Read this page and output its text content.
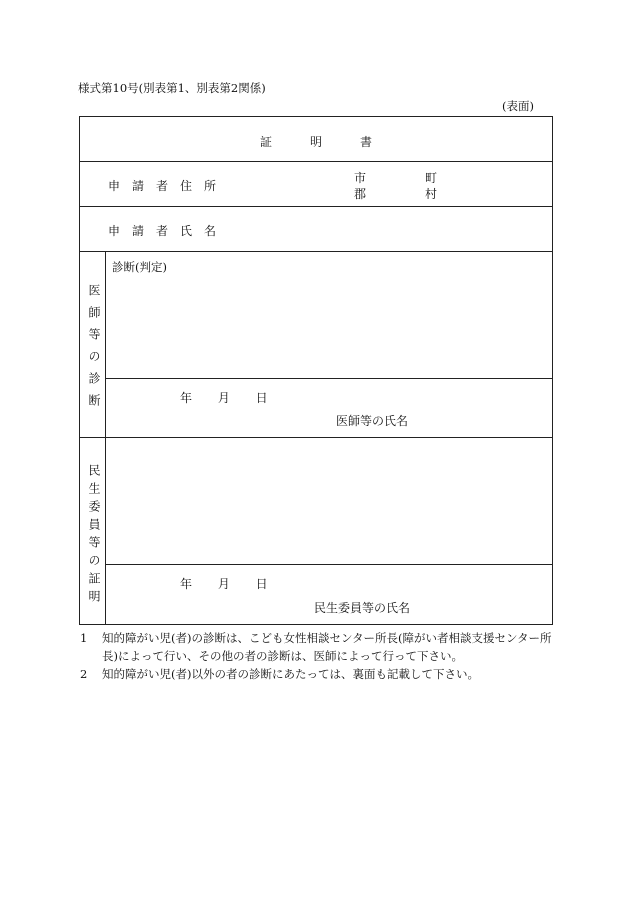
様式第10号(別表第1、別表第2関係)
(表面)
証明書
申請者住所
市
郡
町
村
申請者氏名
医師等の診断
診断(判定)
年 月 日
医師等の氏名
民生委員等の証明	年 月 日
民生委員等の氏名
1 知的障がい児(者)の診断は、こども女性相談センター所長(障がい者相談支援センター所長)によって行い、その他の者の診断は、医師によって行って下さい。
2 知的障がい児(者)以外の者の診断にあたっては、裏面も記載して下さい。
